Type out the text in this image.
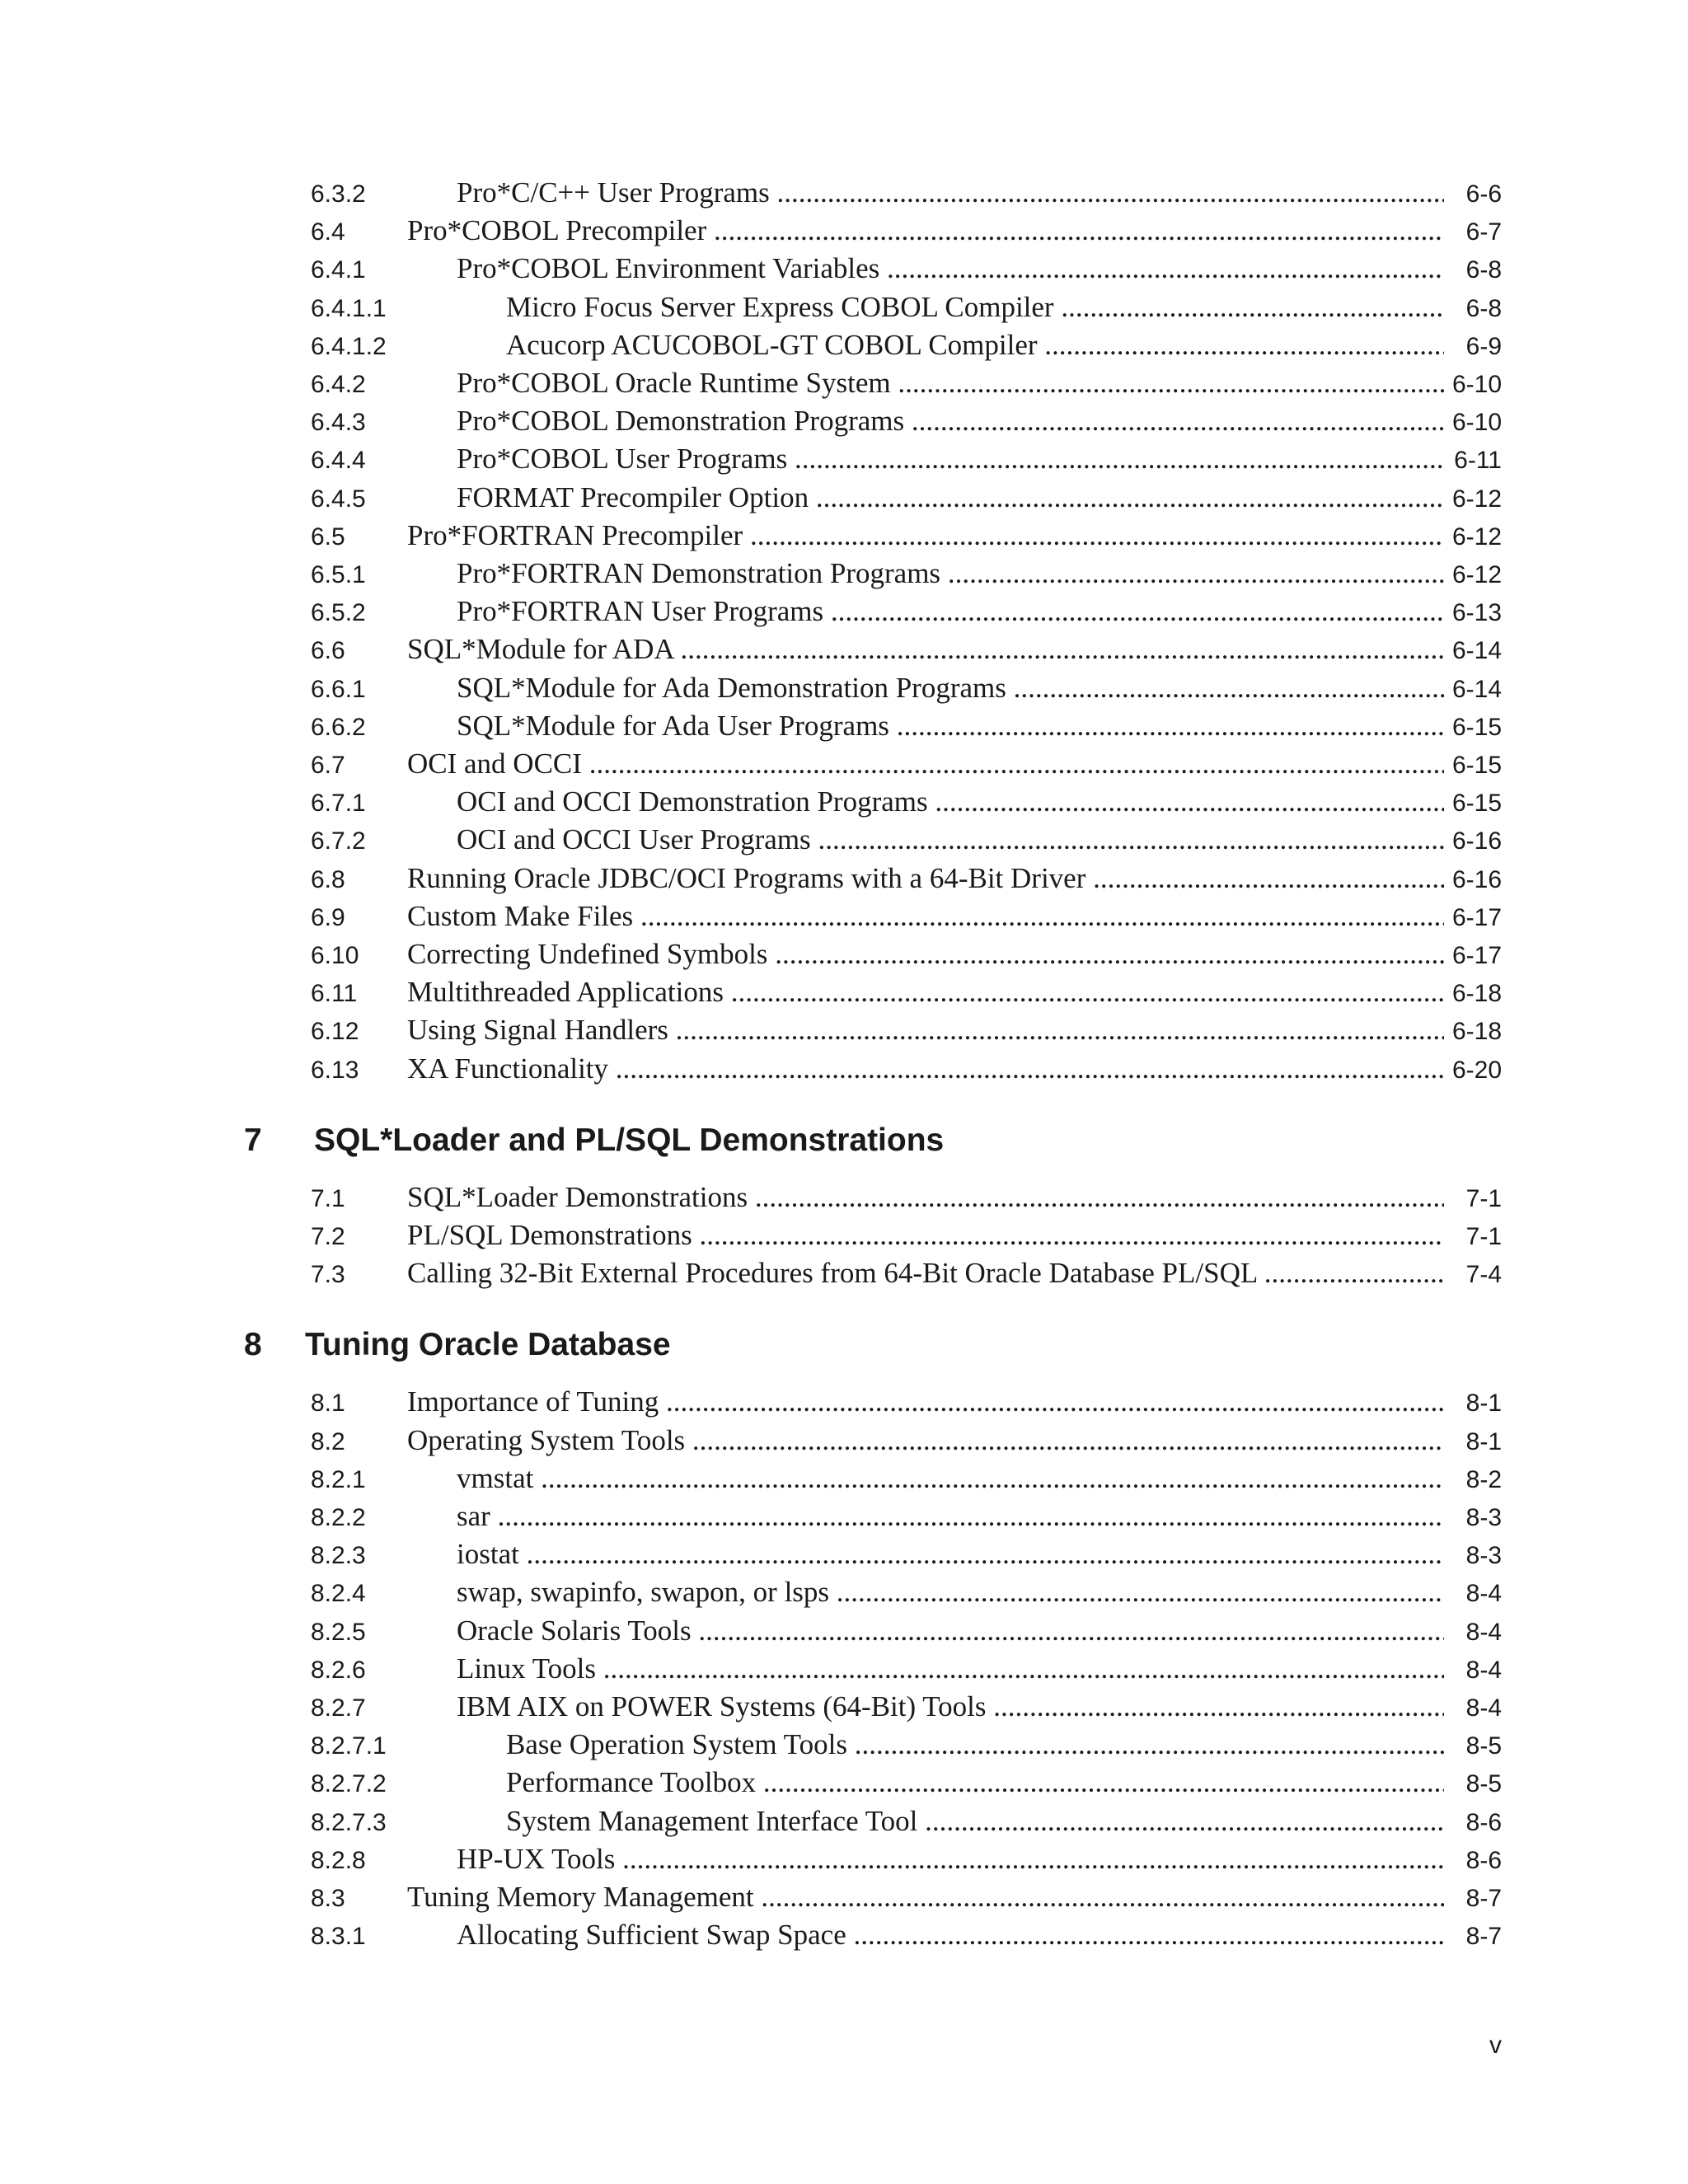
6.3.2	Pro*C/C++ User Programs .....	6-6
6.4 Pro*COBOL Precompiler .....	6-7
6.4.1	Pro*COBOL Environment Variables .....	6-8
6.4.1.1	Micro Focus Server Express COBOL Compiler .....	6-8
6.4.1.2	Acucorp ACUCOBOL-GT COBOL Compiler .....	6-9
6.4.2	Pro*COBOL Oracle Runtime System .....	6-10
6.4.3	Pro*COBOL Demonstration Programs .....	6-10
6.4.4	Pro*COBOL User Programs .....	6-11
6.4.5	FORMAT Precompiler Option .....	6-12
6.5 Pro*FORTRAN Precompiler .....	6-12
6.5.1	Pro*FORTRAN Demonstration Programs .....	6-12
6.5.2	Pro*FORTRAN User Programs .....	6-13
6.6 SQL*Module for ADA .....	6-14
6.6.1	SQL*Module for Ada Demonstration Programs .....	6-14
6.6.2	SQL*Module for Ada User Programs .....	6-15
6.7 OCI and OCCI .....	6-15
6.7.1	OCI and OCCI Demonstration Programs .....	6-15
6.7.2	OCI and OCCI User Programs .....	6-16
6.8 Running Oracle JDBC/OCI Programs with a 64-Bit Driver .....	6-16
6.9 Custom Make Files .....	6-17
6.10 Correcting Undefined Symbols .....	6-17
6.11 Multithreaded Applications .....	6-18
6.12 Using Signal Handlers .....	6-18
6.13 XA Functionality .....	6-20
7 SQL*Loader and PL/SQL Demonstrations
7.1 SQL*Loader Demonstrations .....	7-1
7.2 PL/SQL Demonstrations .....	7-1
7.3 Calling 32-Bit External Procedures from 64-Bit Oracle Database PL/SQL .....	7-4
8 Tuning Oracle Database
8.1 Importance of Tuning .....	8-1
8.2 Operating System Tools .....	8-1
8.2.1	vmstat .....	8-2
8.2.2	sar .....	8-3
8.2.3	iostat .....	8-3
8.2.4	swap, swapinfo, swapon, or lsps .....	8-4
8.2.5	Oracle Solaris Tools .....	8-4
8.2.6	Linux Tools .....	8-4
8.2.7	IBM AIX on POWER Systems (64-Bit) Tools .....	8-4
8.2.7.1	Base Operation System Tools .....	8-5
8.2.7.2	Performance Toolbox .....	8-5
8.2.7.3	System Management Interface Tool .....	8-6
8.2.8	HP-UX Tools .....	8-6
8.3 Tuning Memory Management .....	8-7
8.3.1	Allocating Sufficient Swap Space .....	8-7
v
